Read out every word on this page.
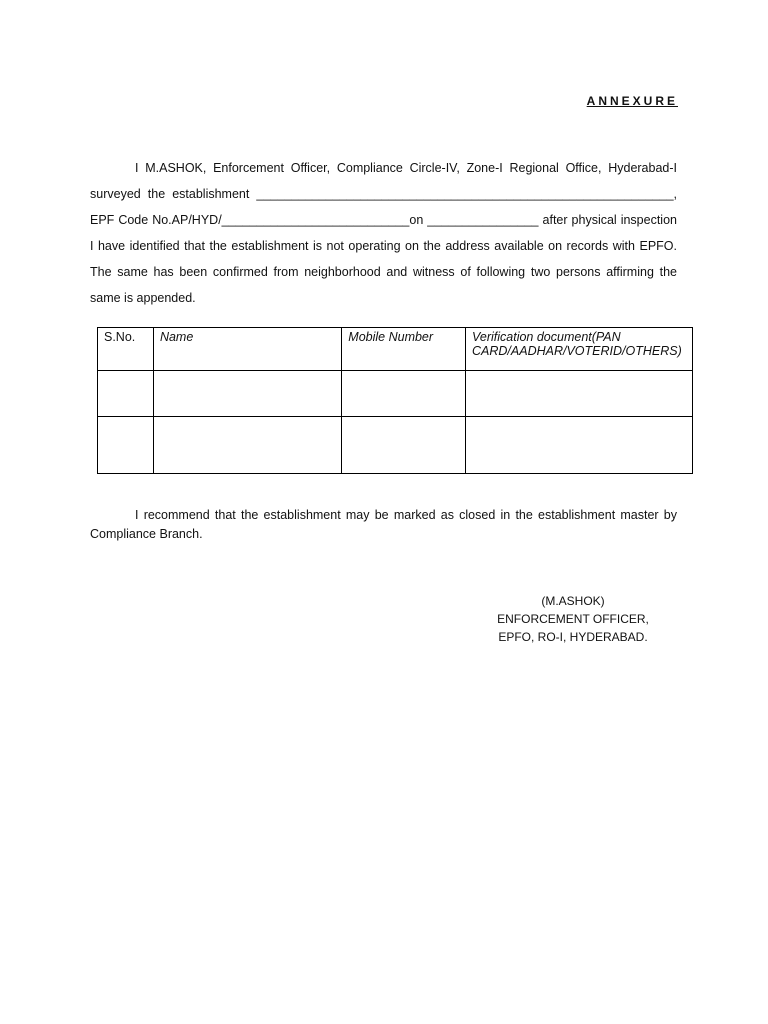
ANNEXURE
I M.ASHOK, Enforcement Officer, Compliance Circle-IV, Zone-I Regional Office, Hyderabad-I
surveyed the establishment ____________________________________________________________,
EPF Code No.AP/HYD/___________________________on ________________ after physical inspection
I have identified that the establishment is not operating on the address available on records with EPFO.
The same has been confirmed from neighborhood and witness of following two persons affirming the
same is appended.
S.No.	Name	Mobile Number	Verification document(PAN CARD/AADHAR/VOTERID/OTHERS)

I recommend that the establishment may be marked as closed in the establishment master by
Compliance Branch.
(M.ASHOK)
ENFORCEMENT OFFICER,
EPFO, RO-I, HYDERABAD.
